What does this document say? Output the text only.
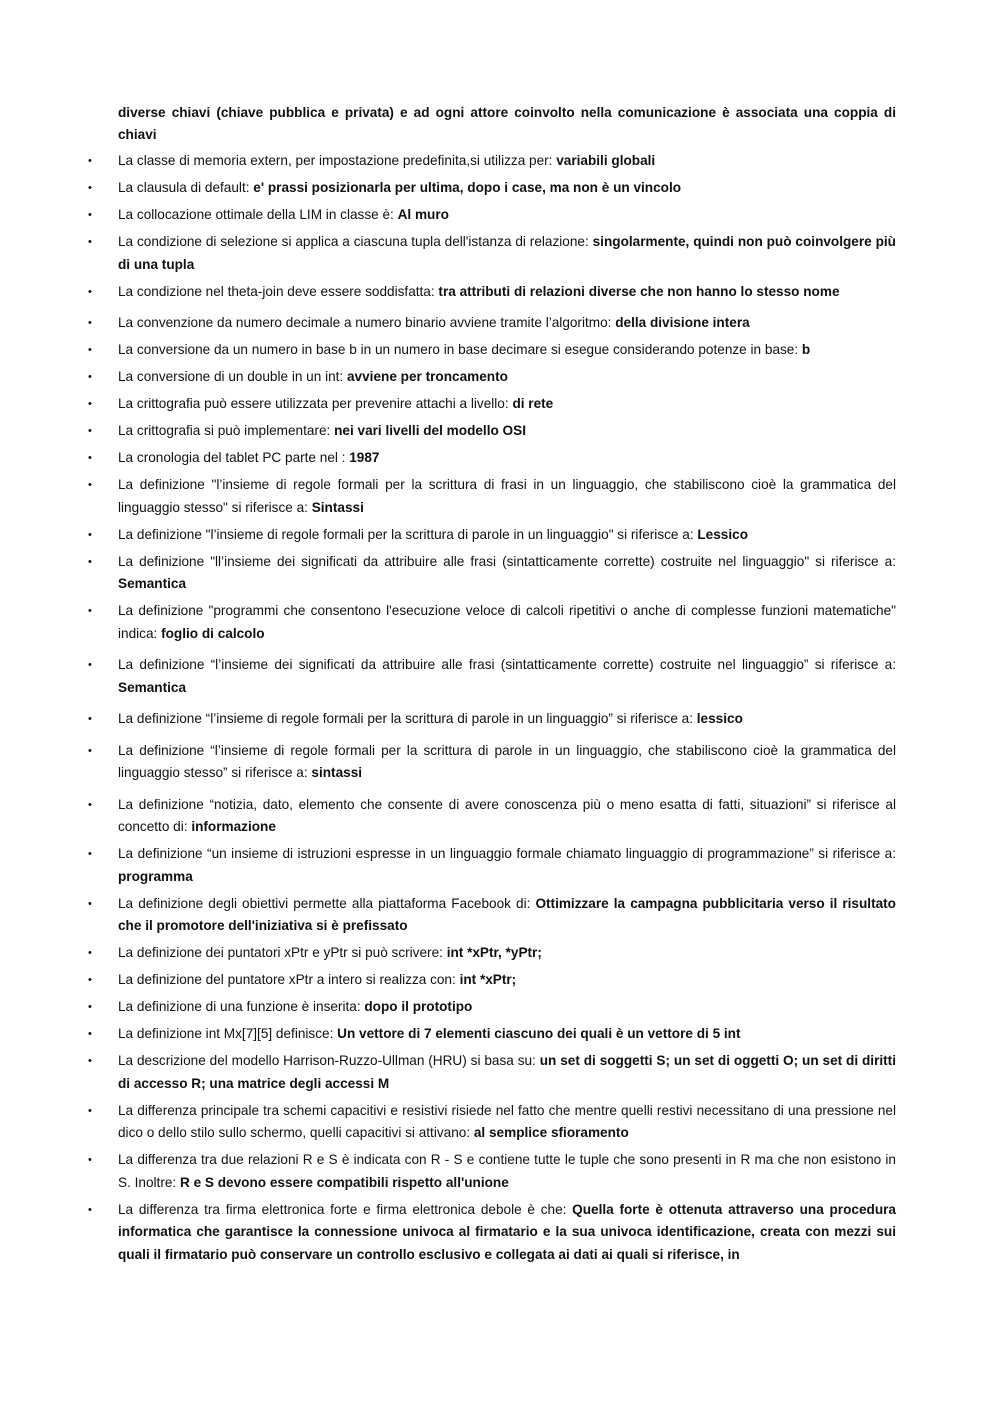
diverse chiavi (chiave pubblica e privata) e ad ogni attore coinvolto nella comunicazione è associata una coppia di chiavi

• La classe di memoria extern, per impostazione predefinita,si utilizza per: variabili globali
• La clausula di default: e' prassi posizionarla per ultima, dopo i case, ma non è un vincolo
• La collocazione ottimale della LIM in classe è: Al muro
• La condizione di selezione si applica a ciascuna tupla dell'istanza di relazione: singolarmente, quindi non può coinvolgere più di una tupla
• La condizione nel theta-join deve essere soddisfatta: tra attributi di relazioni diverse che non hanno lo stesso nome
• La convenzione da numero decimale a numero binario avviene tramite l’algoritmo: della divisione intera
• La conversione da un numero in base b in un numero in base decimare si esegue considerando potenze in base: b
• La conversione di un double in un int: avviene per troncamento
• La crittografia può essere utilizzata per prevenire attachi a livello: di rete
• La crittografia si può implementare: nei vari livelli del modello OSI
• La cronologia del tablet PC parte nel : 1987
• La definizione "l’insieme di regole formali per la scrittura di frasi in un linguaggio, che stabiliscono cioè la grammatica del linguaggio stesso" si riferisce a: Sintassi
• La definizione "l’insieme di regole formali per la scrittura di parole in un linguaggio" si riferisce a: Lessico
• La definizione "ll’insieme dei significati da attribuire alle frasi (sintatticamente corrette) costruite nel linguaggio" si riferisce a: Semantica
• La definizione "programmi che consentono l'esecuzione veloce di calcoli ripetitivi o anche di complesse funzioni matematiche" indica: foglio di calcolo
• La definizione “l’insieme dei significati da attribuire alle frasi (sintatticamente corrette) costruite nel linguaggio” si riferisce a: Semantica
• La definizione “l’insieme di regole formali per la scrittura di parole in un linguaggio” si riferisce a: lessico
• La definizione “l’insieme di regole formali per la scrittura di parole in un linguaggio, che stabiliscono cioè la grammatica del linguaggio stesso” si riferisce a: sintassi
• La definizione “notizia, dato, elemento che consente di avere conoscenza più o meno esatta di fatti, situazioni” si riferisce al concetto di: informazione
• La definizione “un insieme di istruzioni espresse in un linguaggio formale chiamato linguaggio di programmazione” si riferisce a: programma
• La definizione degli obiettivi permette alla piattaforma Facebook di: Ottimizzare la campagna pubblicitaria verso il risultato che il promotore dell'iniziativa si è prefissato
• La definizione dei puntatori xPtr e yPtr si può scrivere: int *xPtr, *yPtr;
• La definizione del puntatore xPtr a intero si realizza con: int *xPtr;
• La definizione di una funzione è inserita: dopo il prototipo
• La definizione int Mx[7][5] definisce: Un vettore di 7 elementi ciascuno dei quali è un vettore di 5 int
• La descrizione del modello Harrison-Ruzzo-Ullman (HRU) si basa su: un set di soggetti S; un set di oggetti O; un set di diritti di accesso R; una matrice degli accessi M
• La differenza principale tra schemi capacitivi e resistivi risiede nel fatto che mentre quelli restivi necessitano di una pressione nel dico o dello stilo sullo schermo, quelli capacitivi si attivano: al semplice sfioramento
• La differenza tra due relazioni R e S è indicata con R - S e contiene tutte le tuple che sono presenti in R ma che non esistono in S. Inoltre: R e S devono essere compatibili rispetto all'unione
• La differenza tra firma elettronica forte e firma elettronica debole è che: Quella forte è ottenuta attraverso una procedura informatica che garantisce la connessione univoca al firmatario e la sua univoca identificazione, creata con mezzi sui quali il firmatario può conservare un controllo esclusivo e collegata ai dati ai quali si riferisce, in
